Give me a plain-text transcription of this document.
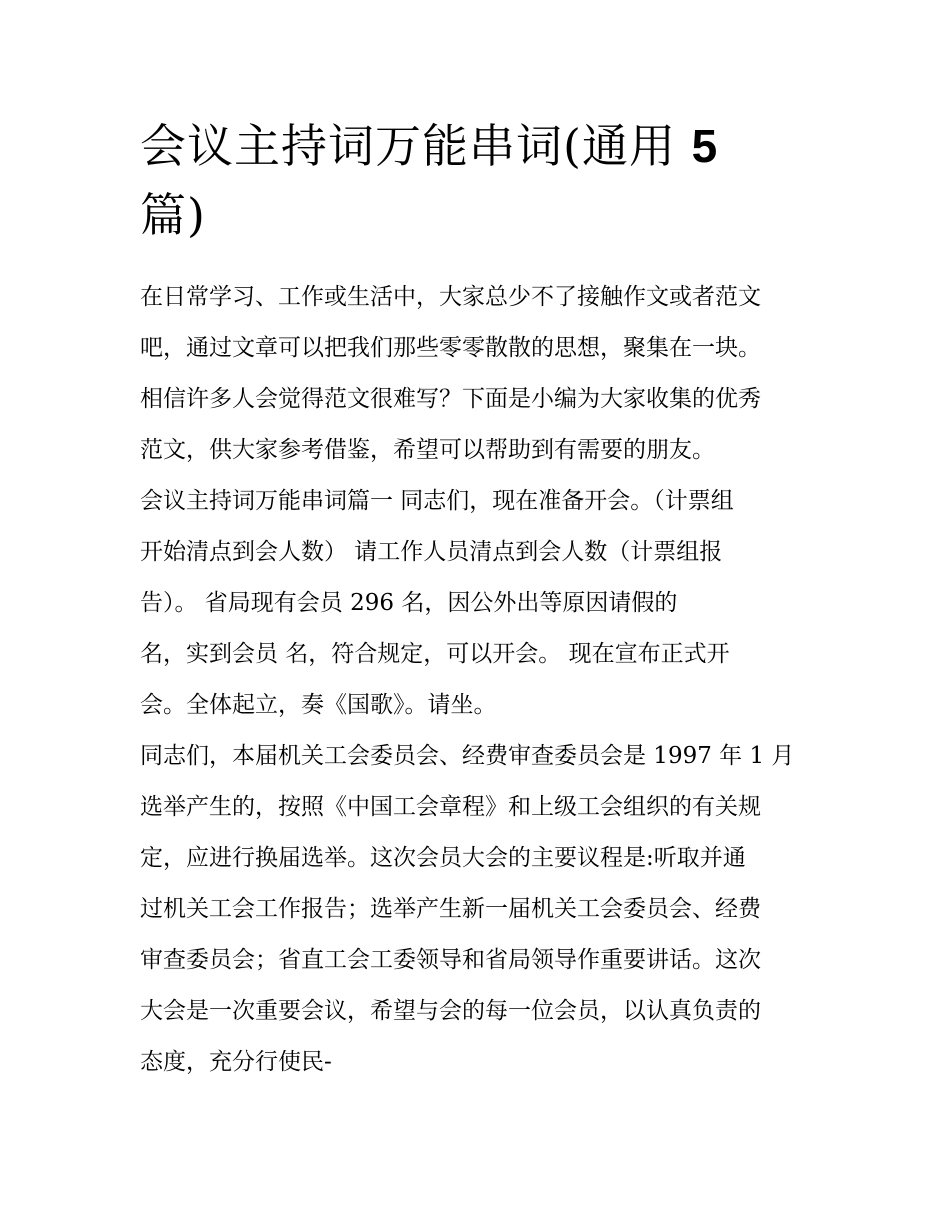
会议主持词万能串词(通用 5
篇)

在日常学习、工作或生活中，大家总少不了接触作文或者范文
吧，通过文章可以把我们那些零零散散的思想，聚集在一块。
相信许多人会觉得范文很难写？下面是小编为大家收集的优秀
范文，供大家参考借鉴，希望可以帮助到有需要的朋友。

会议主持词万能串词篇一 同志们，现在准备开会。（计票组
开始清点到会人数） 请工作人员清点到会人数（计票组报
告）。 省局现有会员 296 名，因公外出等原因请假的
名，实到会员 名，符合规定，可以开会。 现在宣布正式开
会。全体起立，奏《国歌》。请坐。

同志们，本届机关工会委员会、经费审查委员会是 1997 年 1 月
选举产生的，按照《中国工会章程》和上级工会组织的有关规
定，应进行换届选举。这次会员大会的主要议程是:听取并通
过机关工会工作报告；选举产生新一届机关工会委员会、经费
审查委员会；省直工会工委领导和省局领导作重要讲话。这次
大会是一次重要会议，希望与会的每一位会员，以认真负责的
态度，充分行使民-
